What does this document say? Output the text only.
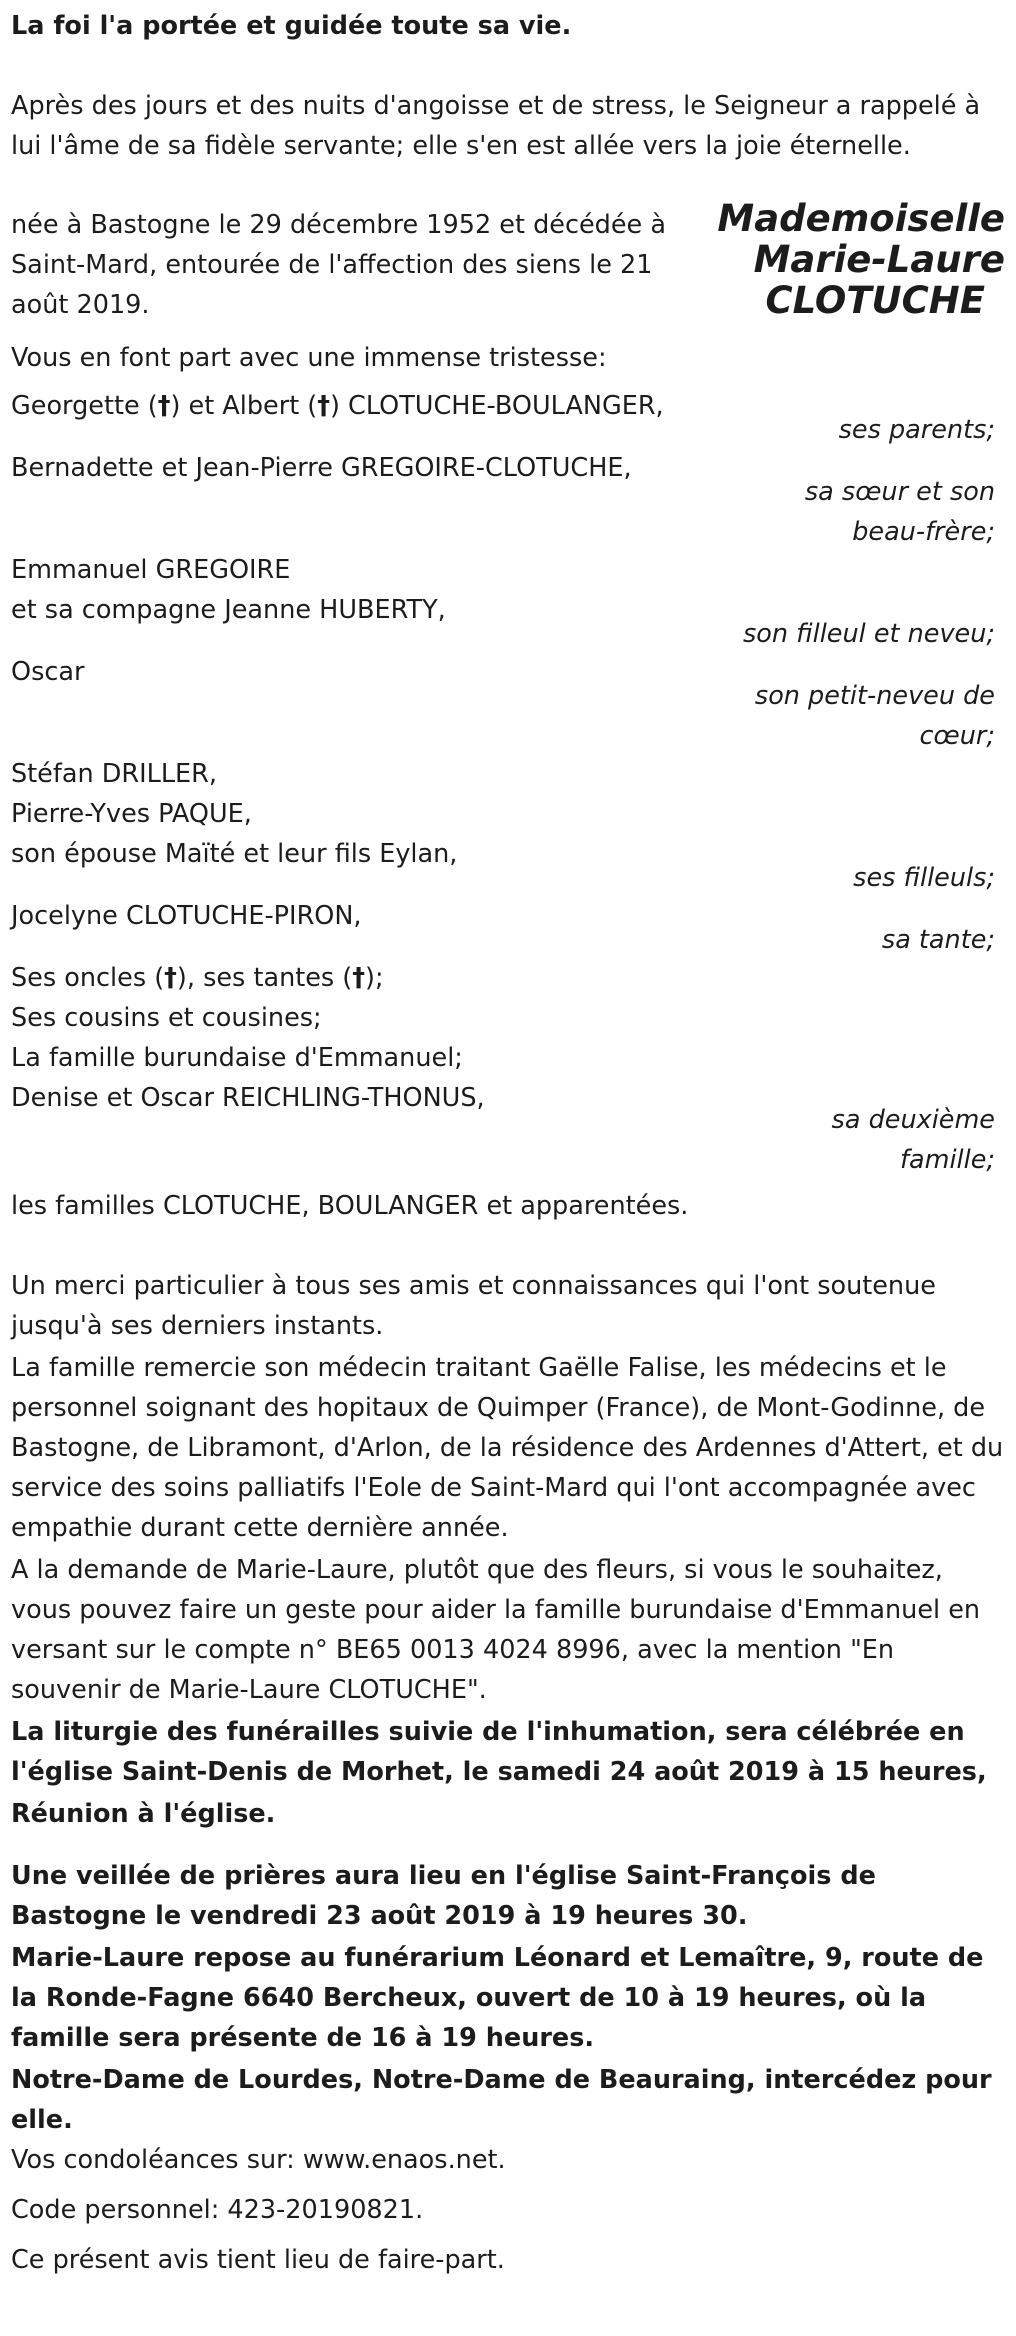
La foi l'a portée et guidée toute sa vie.

Après des jours et des nuits d'angoisse et de stress, le Seigneur a rappelé à lui l'âme de sa fidèle servante; elle s'en est allée vers la joie éternelle.

Mademoiselle
Marie-Laure
CLOTUCHE

née à Bastogne le 29 décembre 1952 et décédée à Saint-Mard, entourée de l'affection des siens le 21 août 2019.

Vous en font part avec une immense tristesse:

Georgette (†) et Albert (†) CLOTUCHE-BOULANGER,

ses parents;

Bernadette et Jean-Pierre GREGOIRE-CLOTUCHE,

sa sœur et son
beau-frère;
Emmanuel GREGOIRE
et sa compagne Jeanne HUBERTY,

son filleul et neveu;

Oscar

son petit-neveu de
cœur;
Stéfan DRILLER,
Pierre-Yves PAQUE,
son épouse Maïté et leur fils Eylan,

ses filleuls;

Jocelyne CLOTUCHE-PIRON,

sa tante;

Ses oncles (†), ses tantes (†);
Ses cousins et cousines;
La famille burundaise d'Emmanuel;
Denise et Oscar REICHLING-THONUS,
sa deuxième
famille;

les familles CLOTUCHE, BOULANGER et apparentées.

Un merci particulier à tous ses amis et connaissances qui l'ont soutenue jusqu'à ses derniers instants.

La famille remercie son médecin traitant Gaëlle Falise, les médecins et le personnel soignant des hopitaux de Quimper (France), de Mont-Godinne, de Bastogne, de Libramont, d'Arlon, de la résidence des Ardennes d'Attert, et du service des soins palliatifs l'Eole de Saint-Mard qui l'ont accompagnée avec empathie durant cette dernière année.

A la demande de Marie-Laure, plutôt que des fleurs, si vous le souhaitez, vous pouvez faire un geste pour aider la famille burundaise d'Emmanuel en versant sur le compte n° BE65 0013 4024 8996, avec la mention "En souvenir de Marie-Laure CLOTUCHE".

La liturgie des funérailles suivie de l'inhumation, sera célébrée en l'église Saint-Denis de Morhet, le samedi 24 août 2019 à 15 heures,

Réunion à l'église.

Une veillée de prières aura lieu en l'église Saint-François de Bastogne le vendredi 23 août 2019 à 19 heures 30.

Marie-Laure repose au funérarium Léonard et Lemaître, 9, route de la Ronde-Fagne 6640 Bercheux, ouvert de 10 à 19 heures, où la famille sera présente de 16 à 19 heures.

Notre-Dame de Lourdes, Notre-Dame de Beauraing, intercédez pour elle.

Vos condoléances sur: www.enaos.net.

Code personnel: 423-20190821.

Ce présent avis tient lieu de faire-part.
